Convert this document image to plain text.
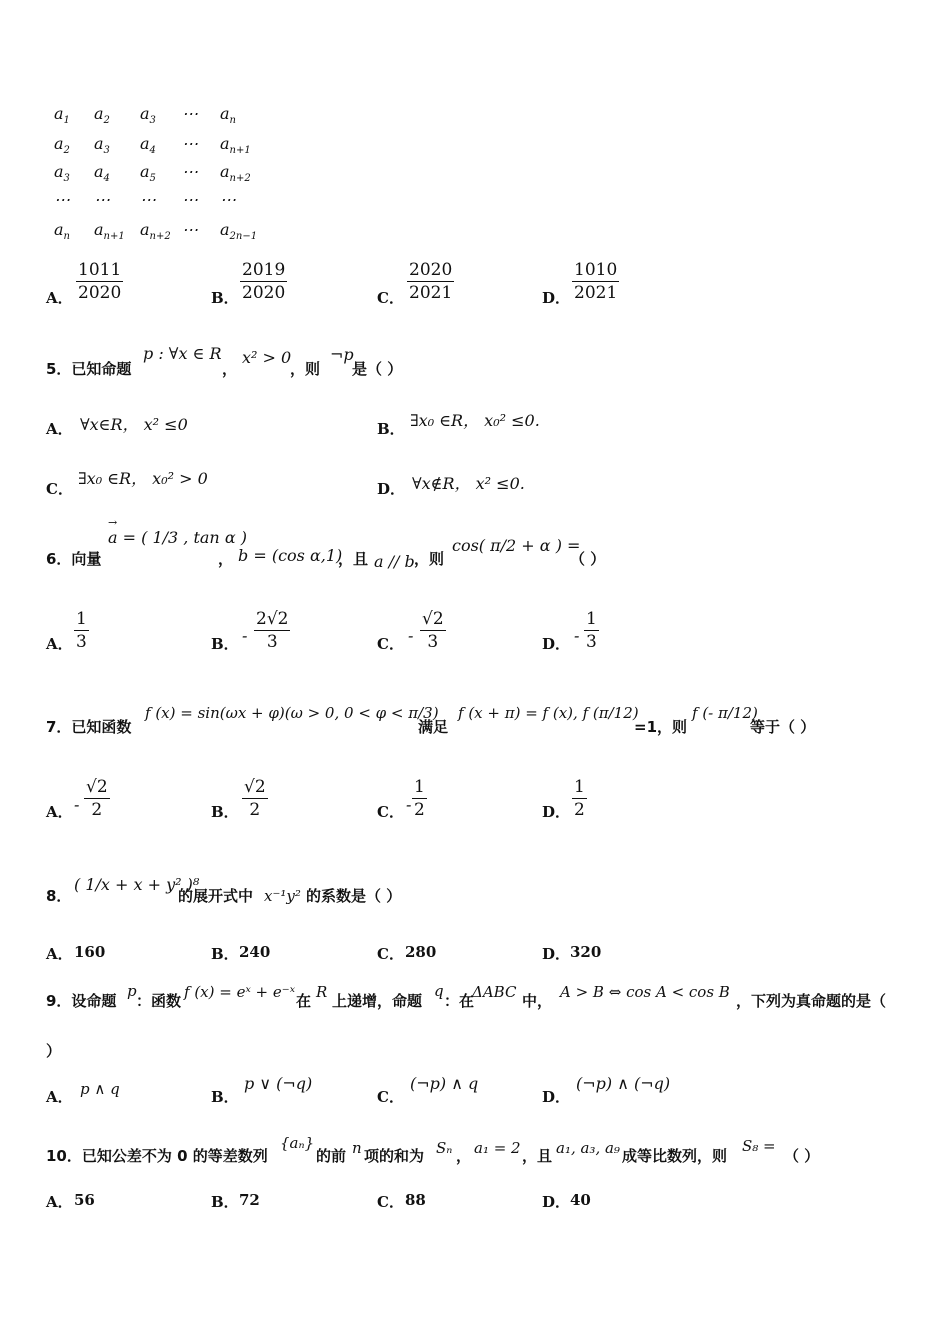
$a_1$ $a_2$ $a_3$ ⋯ $a_n$
$a_2$ $a_3$ $a_4$ ⋯ $a_{n+1}$
$a_3$ $a_4$ $a_5$ ⋯ $a_{n+2}$
⋯ ⋯ ⋯ ⋯ ⋯
$a_n$ $a_{n+1}$ $a_{n+2}$ ⋯ $a_{2n-1}$
A． $\frac{1011}{2020}$	B． $\frac{2019}{2020}$	C． $\frac{2020}{2021}$	D． $\frac{1010}{2021}$
5．已知命题
p : ∀x ∈ R
，
x² > 0
，则
¬p
是（ ）
A． ∀x∈R， x² ≤0	B． ∃x₀ ∈R， x₀² ≤0.
C．
∃x₀ ∈R， x₀² > 0
D． ∀x∉R， x² ≤0.
6．向量
→
a = ( 1/3 , tan α )
， b = (cos α,1)
，且 a // b ，则
cos( π/2 + α ) =
（ ）
A． $\frac{1}{3}$	B． - $\frac{2√2}{3}$	C． - $\frac{√2}{3}$	D． - $\frac{1}{3}$
7．已知函数
f (x) = sin(ωx + φ)(ω > 0, 0 < φ < π/3)
满足
f (x + π) = f (x), f (π/12)
=1，则
f (- π/12)
等于（ ）
A． - $\frac{√2}{2}$	B． $\frac{√2}{2}$	C． - $\frac{1}{2}$	D． $\frac{1}{2}$
8．
( 1/x + x + y² )⁸
的展开式中 x⁻¹y² 的系数是（ ）
A． 160	B． 240	C． 280	D． 320
9．设命题
p
：函数 f (x) = eˣ + e⁻ˣ 在 R 上递增，命题
q
：在
ΔABC 中， A > B ⇔ cos A < cos B ，下列为真命题的是（
）
A． p ∧ q	B．
p ∨ (¬q)
C．
(¬p) ∧ q
D．
(¬p) ∧ (¬q)
10．已知公差不为 0 的等差数列
{aₙ}
的前 n 项的和为 Sₙ ， a₁ = 2 ，且 a₁, a₃, a₉ 成等比数列，则
S₈ =
（ ）
A． 56	B． 72	C． 88	D． 40
